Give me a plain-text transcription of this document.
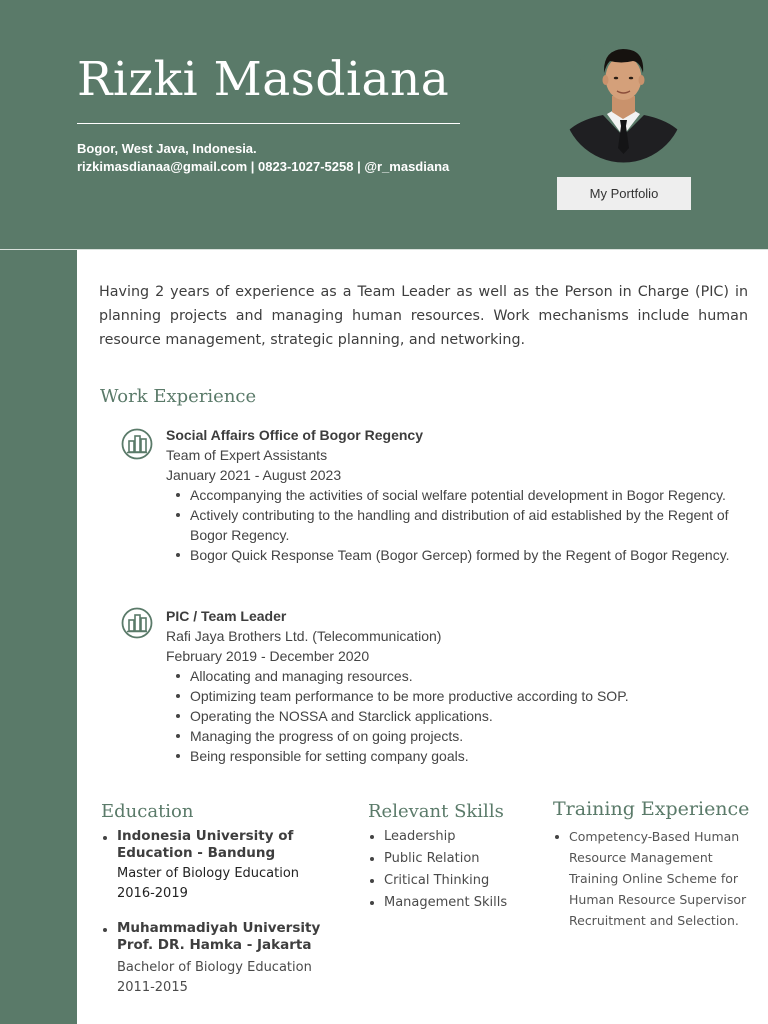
Rizki Masdiana
Bogor, West Java, Indonesia.
rizkimasdianaa@gmail.com | 0823-1027-5258 | @r_masdiana
My Portfolio

Having 2 years of experience as a Team Leader as well as the Person in Charge (PIC) in planning projects and managing human resources. Work mechanisms include human resource management, strategic planning, and networking.

Work Experience
Social Affairs Office of Bogor Regency
Team of Expert Assistants
January 2021 - August 2023
Accompanying the activities of social welfare potential development in Bogor Regency.
Actively contributing to the handling and distribution of aid established by the Regent of Bogor Regency.
Bogor Quick Response Team (Bogor Gercep) formed by the Regent of Bogor Regency.
PIC / Team Leader
Rafi Jaya Brothers Ltd. (Telecommunication)
February 2019 - December 2020
Allocating and managing resources.
Optimizing team performance to be more productive according to SOP.
Operating the NOSSA and Starclick applications.
Managing the progress of on going projects.
Being responsible for setting company goals.
Education
Indonesia University of Education - Bandung
Master of Biology Education
2016-2019
Muhammadiyah University Prof. DR. Hamka - Jakarta
Bachelor of Biology Education
2011-2015
Relevant Skills
Leadership
Public Relation
Critical Thinking
Management Skills
Training Experience
Competency-Based Human Resource Management Training Online Scheme for Human Resource Supervisor Recruitment and Selection.
